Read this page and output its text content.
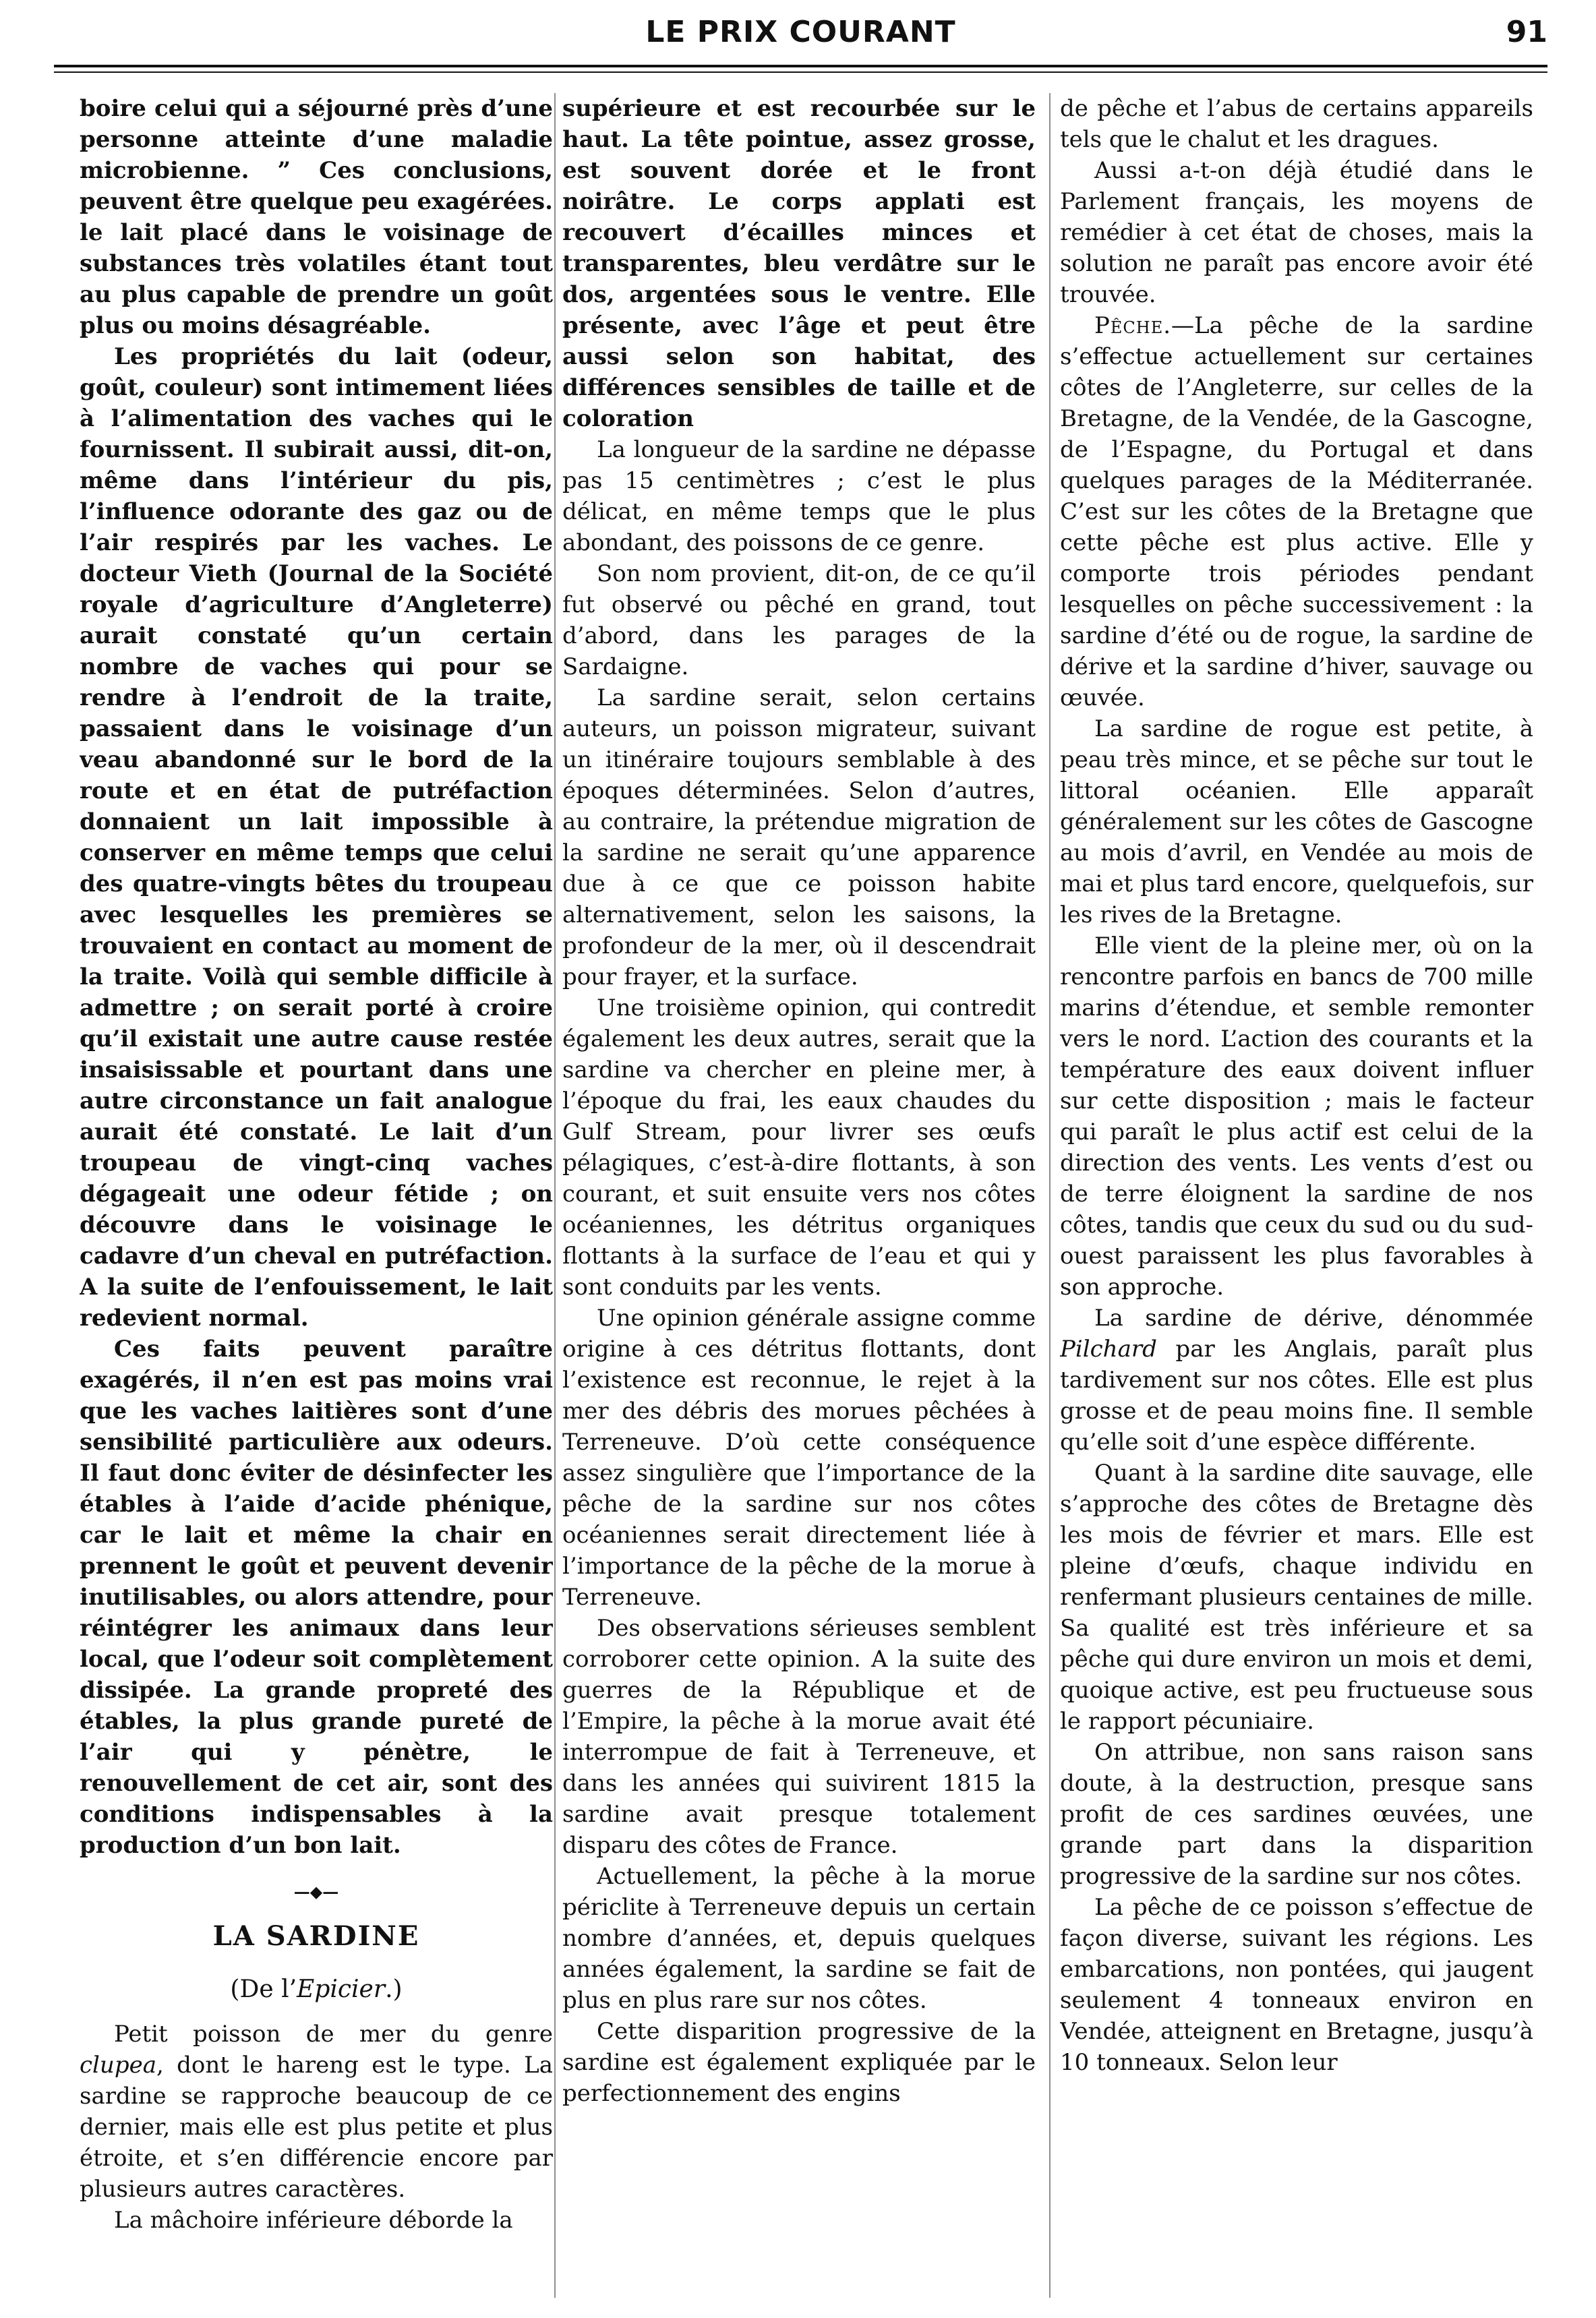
LE PRIX COURANT	91

boire celui qui a séjourné près d’une personne atteinte d’une maladie microbienne. ” Ces conclusions, peuvent être quelque peu exagérées. le lait placé dans le voisinage de substances très volatiles étant tout au plus capable de prendre un goût plus ou moins désagréable.

Les propriétés du lait (odeur, goût, couleur) sont intimement liées à l’alimentation des vaches qui le fournissent. Il subirait aussi, dit-on, même dans l’intérieur du pis, l’influence odorante des gaz ou de l’air respirés par les vaches. Le docteur Vieth (Journal de la Société royale d’agriculture d’Angleterre) aurait constaté qu’un certain nombre de vaches qui pour se rendre à l’endroit de la traite, passaient dans le voisinage d’un veau abandonné sur le bord de la route et en état de putréfaction donnaient un lait impossible à conserver en même temps que celui des quatre-vingts bêtes du troupeau avec lesquelles les premières se trouvaient en contact au moment de la traite. Voilà qui semble difficile à admettre ; on serait porté à croire qu’il existait une autre cause restée insaisissable et pourtant dans une autre circonstance un fait analogue aurait été constaté. Le lait d’un troupeau de vingt-cinq vaches dégageait une odeur fétide ; on découvre dans le voisinage le cadavre d’un cheval en putréfaction. A la suite de l’enfouissement, le lait redevient normal.

Ces faits peuvent paraître exagérés, il n’en est pas moins vrai que les vaches laitières sont d’une sensibilité particulière aux odeurs. Il faut donc éviter de désinfecter les étables à l’aide d’acide phénique, car le lait et même la chair en prennent le goût et peuvent devenir inutilisables, ou alors attendre, pour réintégrer les animaux dans leur local, que l’odeur soit complètement dissipée. La grande propreté des étables, la plus grande pureté de l’air qui y pénètre, le renouvellement de cet air, sont des conditions indispensables à la production d’un bon lait.

—◆—
LA SARDINE
(De l’Epicier.)

Petit poisson de mer du genre clupea, dont le hareng est le type. La sardine se rapproche beaucoup de ce dernier, mais elle est plus petite et plus étroite, et s’en différencie encore par plusieurs autres caractères.

La mâchoire inférieure déborde la

supérieure et est recourbée sur le haut. La tête pointue, assez grosse, est souvent dorée et le front noirâtre. Le corps applati est recouvert d’écailles minces et transparentes, bleu verdâtre sur le dos, argentées sous le ventre. Elle présente, avec l’âge et peut être aussi selon son habitat, des différences sensibles de taille et de coloration

La longueur de la sardine ne dépasse pas 15 centimètres ; c’est le plus délicat, en même temps que le plus abondant, des poissons de ce genre.

Son nom provient, dit-on, de ce qu’il fut observé ou pêché en grand, tout d’abord, dans les parages de la Sardaigne.

La sardine serait, selon certains auteurs, un poisson migrateur, suivant un itinéraire toujours semblable à des époques déterminées. Selon d’autres, au contraire, la prétendue migration de la sardine ne serait qu’une apparence due à ce que ce poisson habite alternativement, selon les saisons, la profondeur de la mer, où il descendrait pour frayer, et la surface.

Une troisième opinion, qui contredit également les deux autres, serait que la sardine va chercher en pleine mer, à l’époque du frai, les eaux chaudes du Gulf Stream, pour livrer ses œufs pélagiques, c’est-à-dire flottants, à son courant, et suit ensuite vers nos côtes océaniennes, les détritus organiques flottants à la surface de l’eau et qui y sont conduits par les vents.

Une opinion générale assigne comme origine à ces détritus flottants, dont l’existence est reconnue, le rejet à la mer des débris des morues pêchées à Terreneuve. D’où cette conséquence assez singulière que l’importance de la pêche de la sardine sur nos côtes océaniennes serait directement liée à l’importance de la pêche de la morue à Terreneuve.

Des observations sérieuses semblent corroborer cette opinion. A la suite des guerres de la République et de l’Empire, la pêche à la morue avait été interrompue de fait à Terreneuve, et dans les années qui suivirent 1815 la sardine avait presque totalement disparu des côtes de France.

Actuellement, la pêche à la morue périclite à Terreneuve depuis un certain nombre d’années, et, depuis quelques années également, la sardine se fait de plus en plus rare sur nos côtes.

Cette disparition progressive de la sardine est également expliquée par le perfectionnement des engins

de pêche et l’abus de certains appareils tels que le chalut et les dragues.

Aussi a-t-on déjà étudié dans le Parlement français, les moyens de remédier à cet état de choses, mais la solution ne paraît pas encore avoir été trouvée.

Pêche.—La pêche de la sardine s’effectue actuellement sur certaines côtes de l’Angleterre, sur celles de la Bretagne, de la Vendée, de la Gascogne, de l’Espagne, du Portugal et dans quelques parages de la Méditerranée. C’est sur les côtes de la Bretagne que cette pêche est plus active. Elle y comporte trois périodes pendant lesquelles on pêche successivement : la sardine d’été ou de rogue, la sardine de dérive et la sardine d’hiver, sauvage ou œuvée.

La sardine de rogue est petite, à peau très mince, et se pêche sur tout le littoral océanien. Elle apparaît généralement sur les côtes de Gascogne au mois d’avril, en Vendée au mois de mai et plus tard encore, quelquefois, sur les rives de la Bretagne.

Elle vient de la pleine mer, où on la rencontre parfois en bancs de 700 mille marins d’étendue, et semble remonter vers le nord. L’action des courants et la température des eaux doivent influer sur cette disposition ; mais le facteur qui paraît le plus actif est celui de la direction des vents. Les vents d’est ou de terre éloignent la sardine de nos côtes, tandis que ceux du sud ou du sud-ouest paraissent les plus favorables à son approche.

La sardine de dérive, dénommée Pilchard par les Anglais, paraît plus tardivement sur nos côtes. Elle est plus grosse et de peau moins fine. Il semble qu’elle soit d’une espèce différente.

Quant à la sardine dite sauvage, elle s’approche des côtes de Bretagne dès les mois de février et mars. Elle est pleine d’œufs, chaque individu en renfermant plusieurs centaines de mille. Sa qualité est très inférieure et sa pêche qui dure environ un mois et demi, quoique active, est peu fructueuse sous le rapport pécuniaire.

On attribue, non sans raison sans doute, à la destruction, presque sans profit de ces sardines œuvées, une grande part dans la disparition progressive de la sardine sur nos côtes.

La pêche de ce poisson s’effectue de façon diverse, suivant les régions. Les embarcations, non pontées, qui jaugent seulement 4 tonneaux environ en Vendée, atteignent en Bretagne, jusqu’à 10 tonneaux. Selon leur
